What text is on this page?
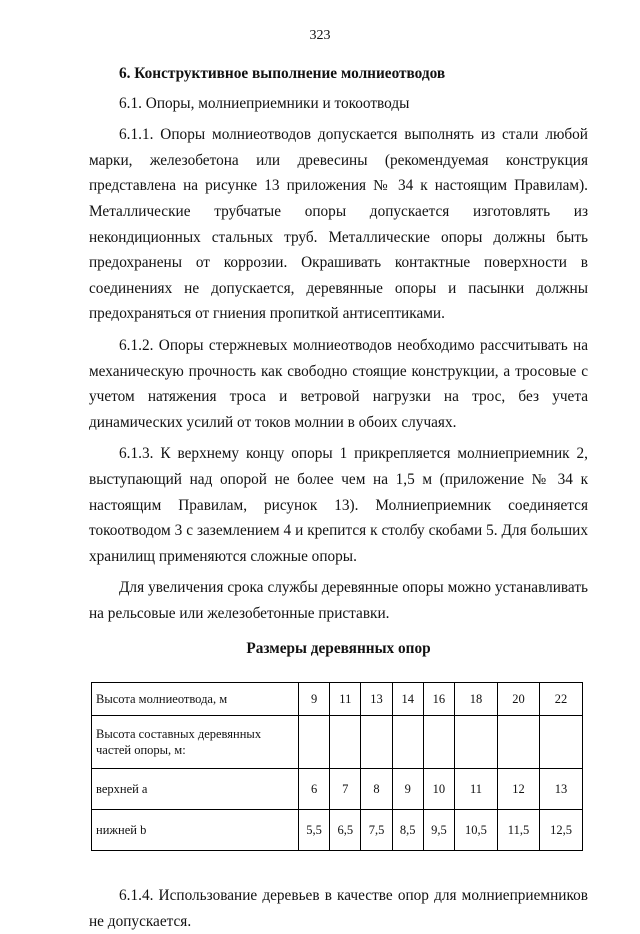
323

6. Конструктивное выполнение молниеотводов

6.1. Опоры, молниеприемники и токоотводы

6.1.1. Опоры молниеотводов допускается выполнять из стали любой марки, железобетона или древесины (рекомендуемая конструкция представлена на рисунке 13 приложения № 34 к настоящим Правилам). Металлические трубчатые опоры допускается изготовлять из некондиционных стальных труб. Металлические опоры должны быть предохранены от коррозии. Окрашивать контактные поверхности в соединениях не допускается, деревянные опоры и пасынки должны предохраняться от гниения пропиткой антисептиками.

6.1.2. Опоры стержневых молниеотводов необходимо рассчитывать на механическую прочность как свободно стоящие конструкции, а тросовые с учетом натяжения троса и ветровой нагрузки на трос, без учета динамических усилий от токов молнии в обоих случаях.

6.1.3. К верхнему концу опоры 1 прикрепляется молниеприемник 2, выступающий над опорой не более чем на 1,5 м (приложение № 34 к настоящим Правилам, рисунок 13). Молниеприемник соединяется токоотводом 3 с заземлением 4 и крепится к столбу скобами 5. Для больших хранилищ применяются сложные опоры.

Для увеличения срока службы деревянные опоры можно устанавливать на рельсовые или железобетонные приставки.

Размеры деревянных опор

Высота молниеотвода, м	9	11	13	14	16	18	20	22
Высота составных деревянных частей опоры, м:								
верхней a	6	7	8	9	10	11	12	13
нижней b	5,5	6,5	7,5	8,5	9,5	10,5	11,5	12,5

6.1.4. Использование деревьев в качестве опор для молниеприемников не допускается.
